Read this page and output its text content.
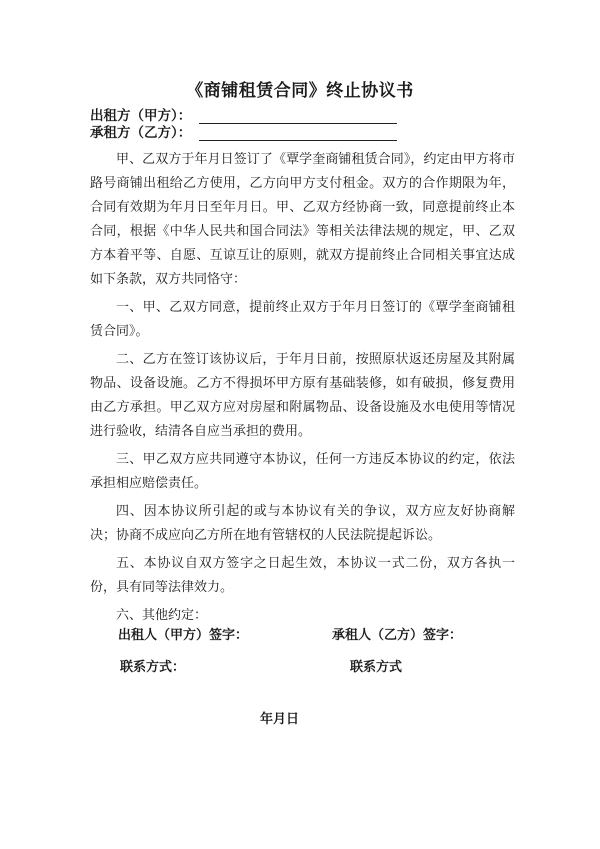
《商铺租赁合同》终止协议书
出租方（甲方）：
承租方（乙方）：

甲、乙双方于年月日签订了《覃学奎商铺租赁合同》，约定由甲方将市路号商铺出租给乙方使用，乙方向甲方支付租金。双方的合作期限为年，合同有效期为年月日至年月日。甲、乙双方经协商一致，同意提前终止本合同，根据《中华人民共和国合同法》等相关法律法规的规定，甲、乙双方本着平等、自愿、互谅互让的原则，就双方提前终止合同相关事宜达成如下条款，双方共同恪守：

一、甲、乙双方同意，提前终止双方于年月日签订的《覃学奎商铺租赁合同》。

二、乙方在签订该协议后，于年月日前，按照原状返还房屋及其附属物品、设备设施。乙方不得损坏甲方原有基础装修，如有破损，修复费用由乙方承担。甲乙双方应对房屋和附属物品、设备设施及水电使用等情况进行验收，结清各自应当承担的费用。

三、甲乙双方应共同遵守本协议，任何一方违反本协议的约定，依法承担相应赔偿责任。

四、因本协议所引起的或与本协议有关的争议，双方应友好协商解决；协商不成应向乙方所在地有管辖权的人民法院提起诉讼。

五、本协议自双方签字之日起生效，本协议一式二份，双方各执一份，具有同等法律效力。

六、其他约定：

出租人（甲方）签字：	承租人（乙方）签字：
联系方式：	联系方式
年月日
